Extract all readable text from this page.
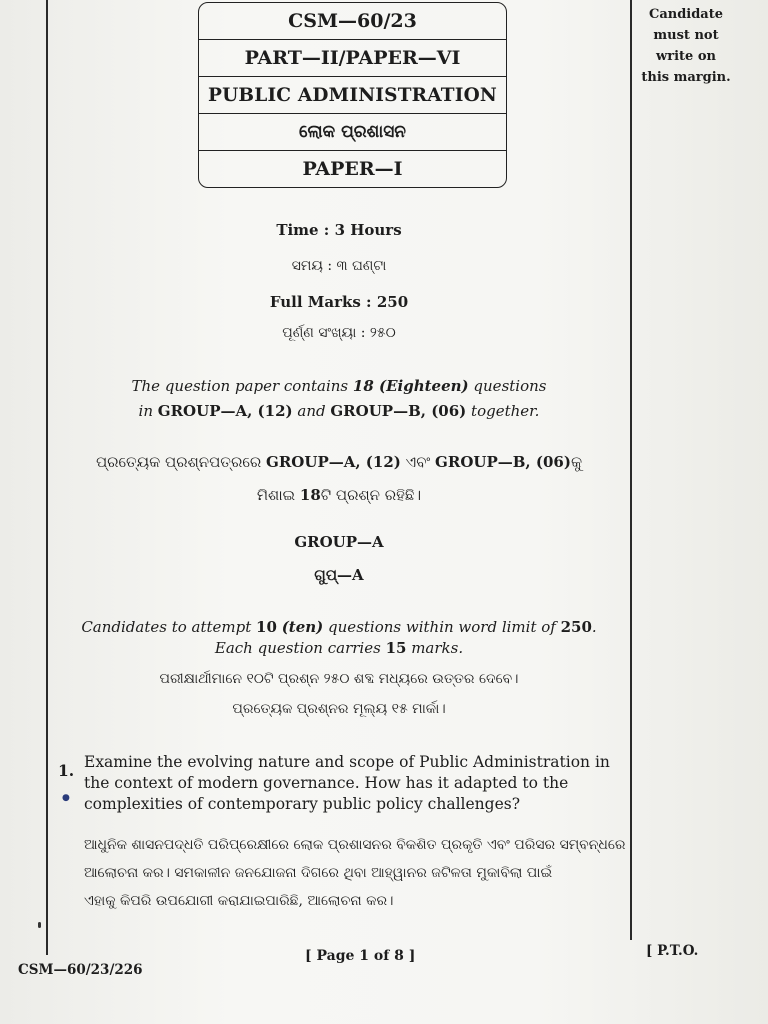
Candidate must not write on this margin.
CSM—60/23
PART—II/PAPER—VI
PUBLIC ADMINISTRATION
ଲୋକ ପ୍ରଶାସନ
PAPER—I
Time : 3 Hours
ସମୟ : ୩ ଘଣ୍ଟା
Full Marks : 250
ପୂର୍ଣ୍ଣ ସଂଖ୍ୟା : ୨୫୦
The question paper contains 18 (Eighteen) questions
in GROUP—A, (12) and GROUP—B, (06) together.
ପ୍ରତ୍ୟେକ ପ୍ରଶ୍ନପତ୍ରରେ GROUP—A, (12) ଏବଂ GROUP—B, (06)କୁ
ମିଶାଇ 18ଟି ପ୍ରଶ୍ନ ରହିଛି।
GROUP—A
ଗୁପ୍—A
Candidates to attempt 10 (ten) questions within word limit of 250.
Each question carries 15 marks.
ପରୀକ୍ଷାର୍ଥୀମାନେ ୧୦ଟି ପ୍ରଶ୍ନ ୨୫୦ ଶବ୍ଦ ମଧ୍ୟରେ ଉତ୍ତର ଦେବେ।
ପ୍ରତ୍ୟେକ ପ୍ରଶ୍ନର ମୂଲ୍ୟ ୧୫ ମାର୍କା।
1.
●
Examine the evolving nature and scope of Public Administration in
the context of modern governance. How has it adapted to the
complexities of contemporary public policy challenges?
ଆଧୁନିକ ଶାସନପଦ୍ଧତି ପରିପ୍ରେକ୍ଷୀରେ ଲୋକ ପ୍ରଶାସନର ବିକଶିତ ପ୍ରକୃତି ଏବଂ ପରିସର ସମ୍ବନ୍ଧରେ
ଆଲୋଚନା କର। ସମକାଳୀନ ଜନଯୋଜନା ଦିଗରେ ଥିବା ଆହ୍ୱାନର ଜଟିଳତା ମୁକାବିଲା ପାଇଁ
ଏହାକୁ କିପରି ଉପଯୋଗୀ କରାଯାଇପାରିଛି, ଆଲୋଚନା କର।
CSM—60/23/226
[ Page 1 of 8 ]	[ P.T.O.
